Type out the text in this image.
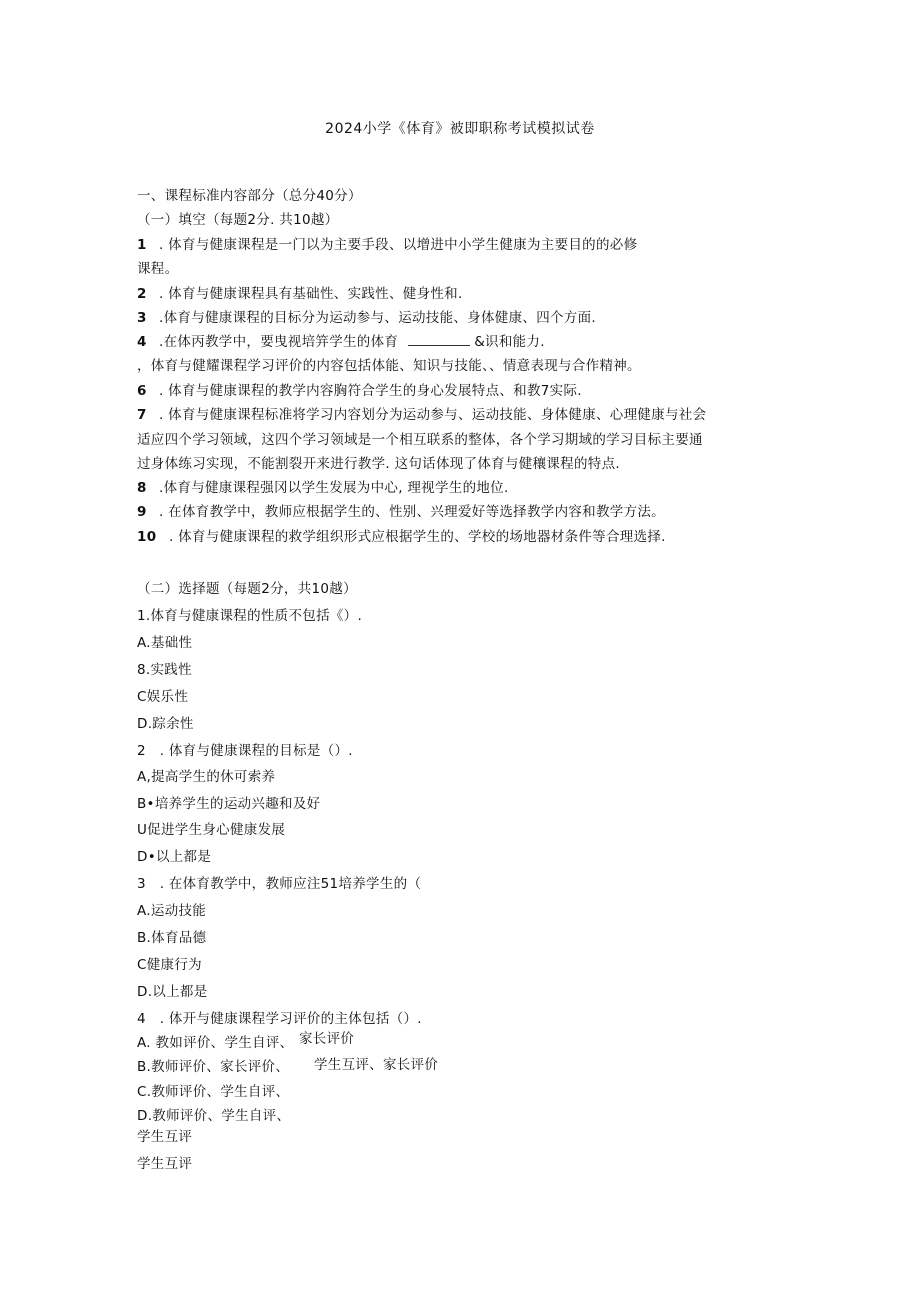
2024小学《体育》被即职称考试模拟试卷
一、课程标准内容部分（总分40分）
（一）填空（每题2分. 共10越）
1 . 体育与健康课程是一门以为主要手段、以增进中小学生健康为主要目的的必修
课程。
2 . 体育与健康课程具有基础性、实践性、健身性和.
3 .体育与健康课程的目标分为运动参与、运动技能、身体健康、四个方面.
4 .在体丙教学中，要曳视培笄学生的体育	&识和能力.
，体育与健耀课程学习评价的内容包括体能、知识与技能、、情意表现与合作精神。
6 . 体育与健康课程的教学内容胸符合学生的身心发展特点、和教7实际.
7 . 体育与健康课程标准将学习内容划分为运动参与、运动技能、身体健康、心理健康与社会
适应四个学习领域，这四个学习领域是一个相互联系的整体，各个学习期域的学习目标主要通
过身体练习实现，不能割裂开来进行教学. 这句话体现了体育与健穰课程的特点.
8 .体育与健康课程强冈以学生发展为中心, 理视学生的地位.
9 . 在体育教学中，教师应根据学生的、性别、兴理爱好等选择教学内容和教学方法。
10 . 体育与健康课程的救学组织形式应根据学生的、学校的场地器材条件等合理选择.
（二）选择题（每题2分，共10越）
1.体育与健康课程的性质不包括《）.
A.基础性
8.实践性
C娱乐性
D.踪余性
2　. 体育与健康课程的目标是（）.
A,提高学生的休可索养
B•培养学生的运动兴趣和及好
U促进学生身心健康发展
D•以上都是
3　. 在体育教学中，教师应注51培养学生的（
A.运动技能
B.体育品德
C健康行为
D.以上都是
4　. 体开与健康课程学习评价的主体包括（）.
A. 教如评价、学生自评、 家长评价
B.教师评价、家长评价、 学生互评、家长评价
C.教师评价、学生自评、
D.教师评价、学生自评、
学生互评
学生互评
